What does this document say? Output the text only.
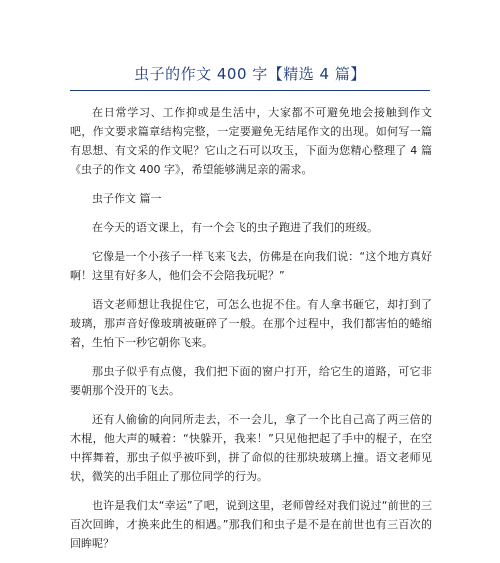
虫子的作文 400 字【精选 4 篇】

在日常学习、工作抑或是生活中，大家都不可避免地会接触到作文吧，作文要求篇章结构完整，一定要避免无结尾作文的出现。如何写一篇有思想、有文采的作文呢？它山之石可以攻玉，下面为您精心整理了 4 篇《虫子的作文 400 字》，希望能够满足亲的需求。

虫子作文 篇一

在今天的语文课上，有一个会飞的虫子跑进了我们的班级。

它像是一个小孩子一样飞来飞去，仿佛是在向我们说：“这个地方真好啊！这里有好多人，他们会不会陪我玩呢？”

语文老师想让我捉住它，可怎么也捉不住。有人拿书砸它，却打到了玻璃，那声音好像玻璃被砸碎了一般。在那个过程中，我们都害怕的蜷缩着，生怕下一秒它朝你飞来。

那虫子似乎有点傻，我们把下面的窗户打开，给它生的道路，可它非要朝那个没开的飞去。

还有人偷偷的向同所走去，不一会儿，拿了一个比自己高了两三倍的木棍，他大声的喊着：“快躲开，我来！”只见他把起了手中的棍子，在空中挥舞着，那虫子似乎被吓到，拼了命似的往那块玻璃上撞。语文老师见状，微笑的出手阻止了那位同学的行为。

也许是我们太“幸运”了吧，说到这里，老师曾经对我们说过“前世的三百次回眸，才换来此生的相遇。”那我们和虫子是不是在前世也有三百次的回眸呢？
